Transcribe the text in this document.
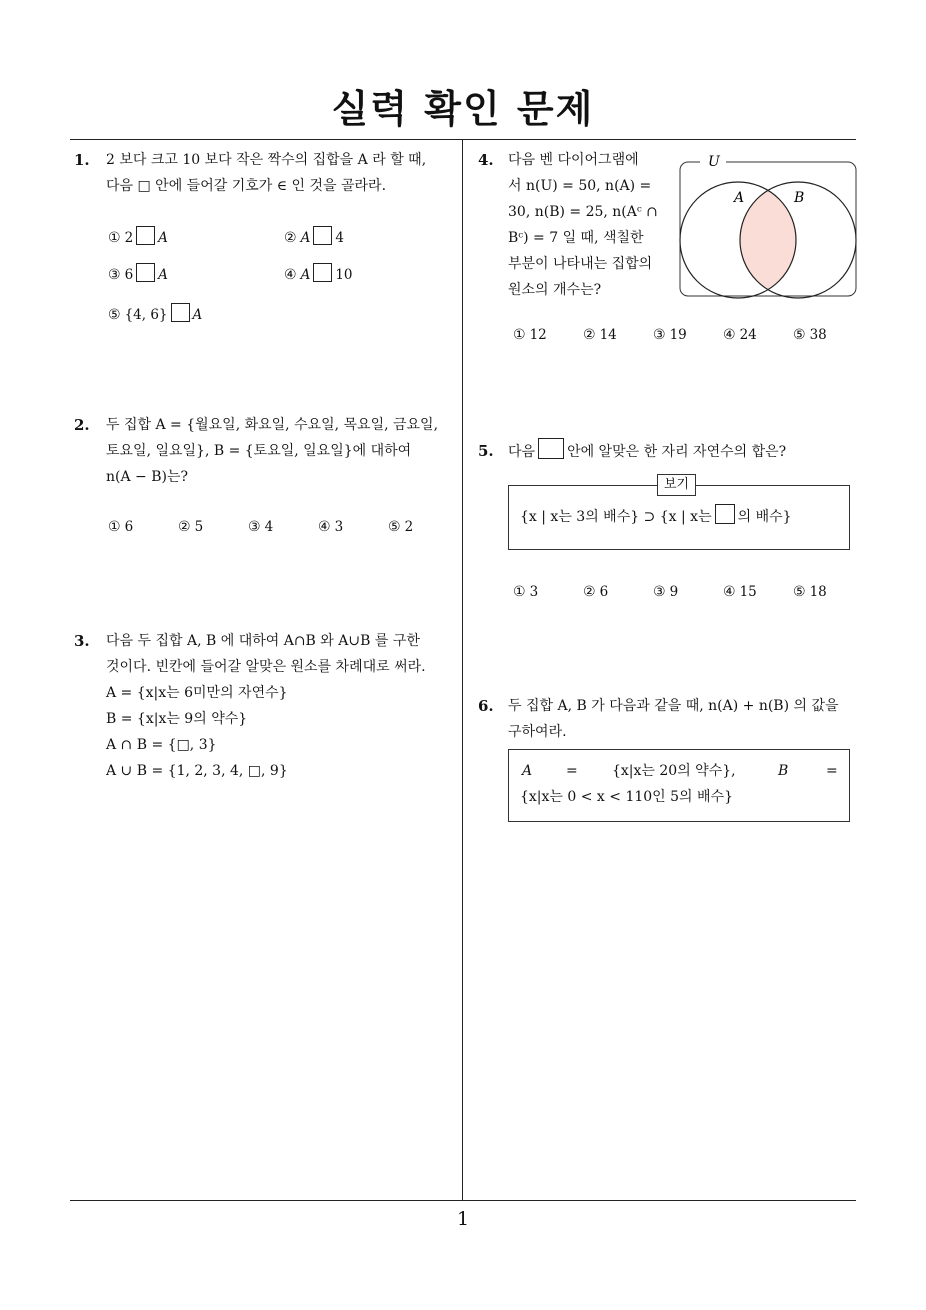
실력 확인 문제
1
1. 2 보다 크고 10 보다 작은 짝수의 집합을 A 라 할 때,
다음 □ 안에 들어갈 기호가 ∈ 인 것을 골라라.
① 2 A	② A 4
③ 6 A	④ A 10
⑤ {4, 6} A
2. 두 집합 A = {월요일, 화요일, 수요일, 목요일, 금요일,
토요일, 일요일}, B = {토요일, 일요일}에 대하여
n(A − B)는?
① 6	② 5	③ 4	④ 3	⑤ 2
3. 다음 두 집합 A, B 에 대하여 A∩B 와 A∪B 를 구한
것이다. 빈칸에 들어갈 알맞은 원소를 차례대로 써라.
A = {x|x는 6미만의 자연수}
B = {x|x는 9의 약수}
A ∩ B = {□, 3}
A ∪ B = {1, 2, 3, 4, □, 9}
4. 다음 벤 다이어그램에
서 n(U) = 50, n(A) =
30, n(B) = 25, n(Aᶜ ∩
Bᶜ) = 7 일 때, 색칠한
부분이 나타내는 집합의
원소의 개수는?
U
A	B
① 12	② 14	③ 19	④ 24	⑤ 38
5. 다음 안에 알맞은 한 자리 자연수의 합은?
보기
{x | x는 3의 배수} ⊃ {x | x는 의 배수}
① 3	② 6	③ 9	④ 15	⑤ 18
6. 두 집합 A, B 가 다음과 같을 때, n(A) + n(B) 의 값을
구하여라.
A = {x|x는 20의 약수},	B	=
{x|x는 0 < x < 110인 5의 배수}
